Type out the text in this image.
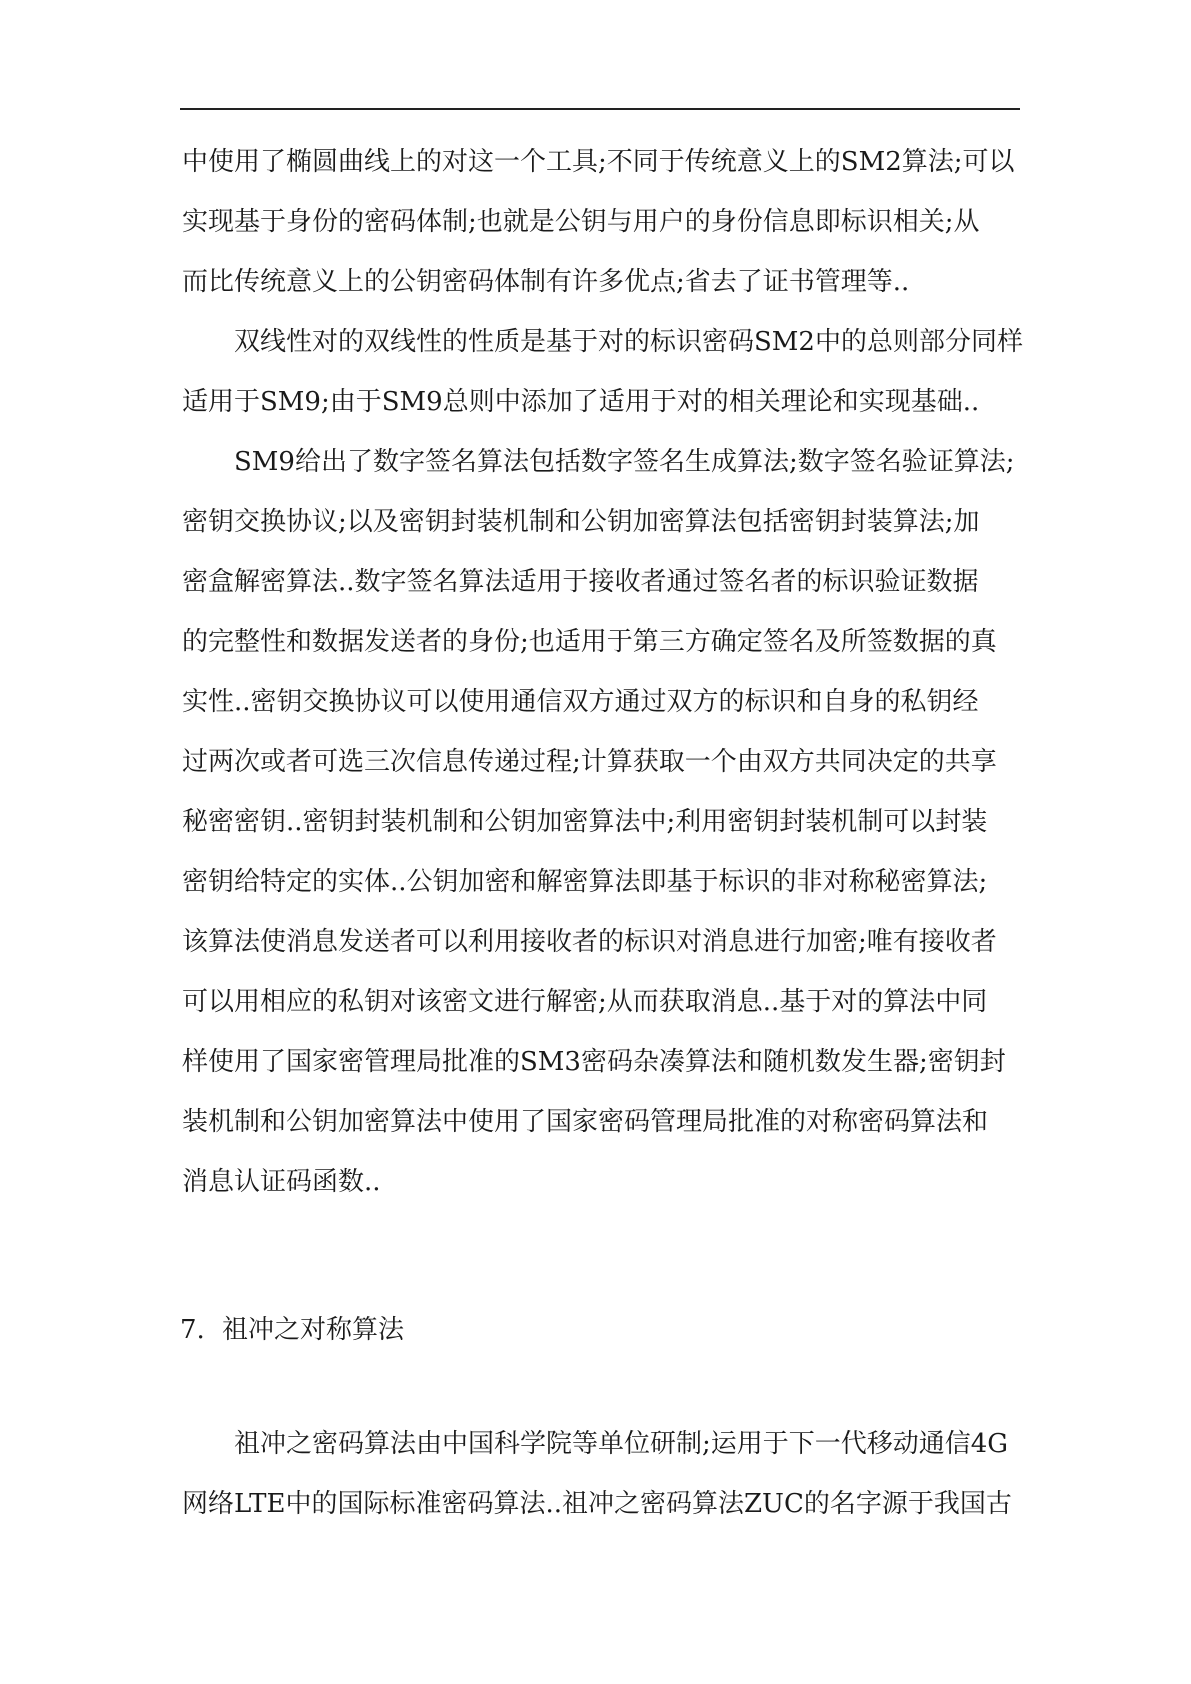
中使用了椭圆曲线上的对这一个工具;不同于传统意义上的SM2算法;可以
实现基于身份的密码体制;也就是公钥与用户的身份信息即标识相关;从
而比传统意义上的公钥密码体制有许多优点;省去了证书管理等..
双线性对的双线性的性质是基于对的标识密码SM2中的总则部分同样
适用于SM9;由于SM9总则中添加了适用于对的相关理论和实现基础..
SM9给出了数字签名算法包括数字签名生成算法;数字签名验证算法;
密钥交换协议;以及密钥封装机制和公钥加密算法包括密钥封装算法;加
密盒解密算法..数字签名算法适用于接收者通过签名者的标识验证数据
的完整性和数据发送者的身份;也适用于第三方确定签名及所签数据的真
实性..密钥交换协议可以使用通信双方通过双方的标识和自身的私钥经
过两次或者可选三次信息传递过程;计算获取一个由双方共同决定的共享
秘密密钥..密钥封装机制和公钥加密算法中;利用密钥封装机制可以封装
密钥给特定的实体..公钥加密和解密算法即基于标识的非对称秘密算法;
该算法使消息发送者可以利用接收者的标识对消息进行加密;唯有接收者
可以用相应的私钥对该密文进行解密;从而获取消息..基于对的算法中同
样使用了国家密管理局批准的SM3密码杂凑算法和随机数发生器;密钥封
装机制和公钥加密算法中使用了国家密码管理局批准的对称密码算法和
消息认证码函数..
7. 祖冲之对称算法
祖冲之密码算法由中国科学院等单位研制;运用于下一代移动通信4G
网络LTE中的国际标准密码算法..祖冲之密码算法ZUC的名字源于我国古
